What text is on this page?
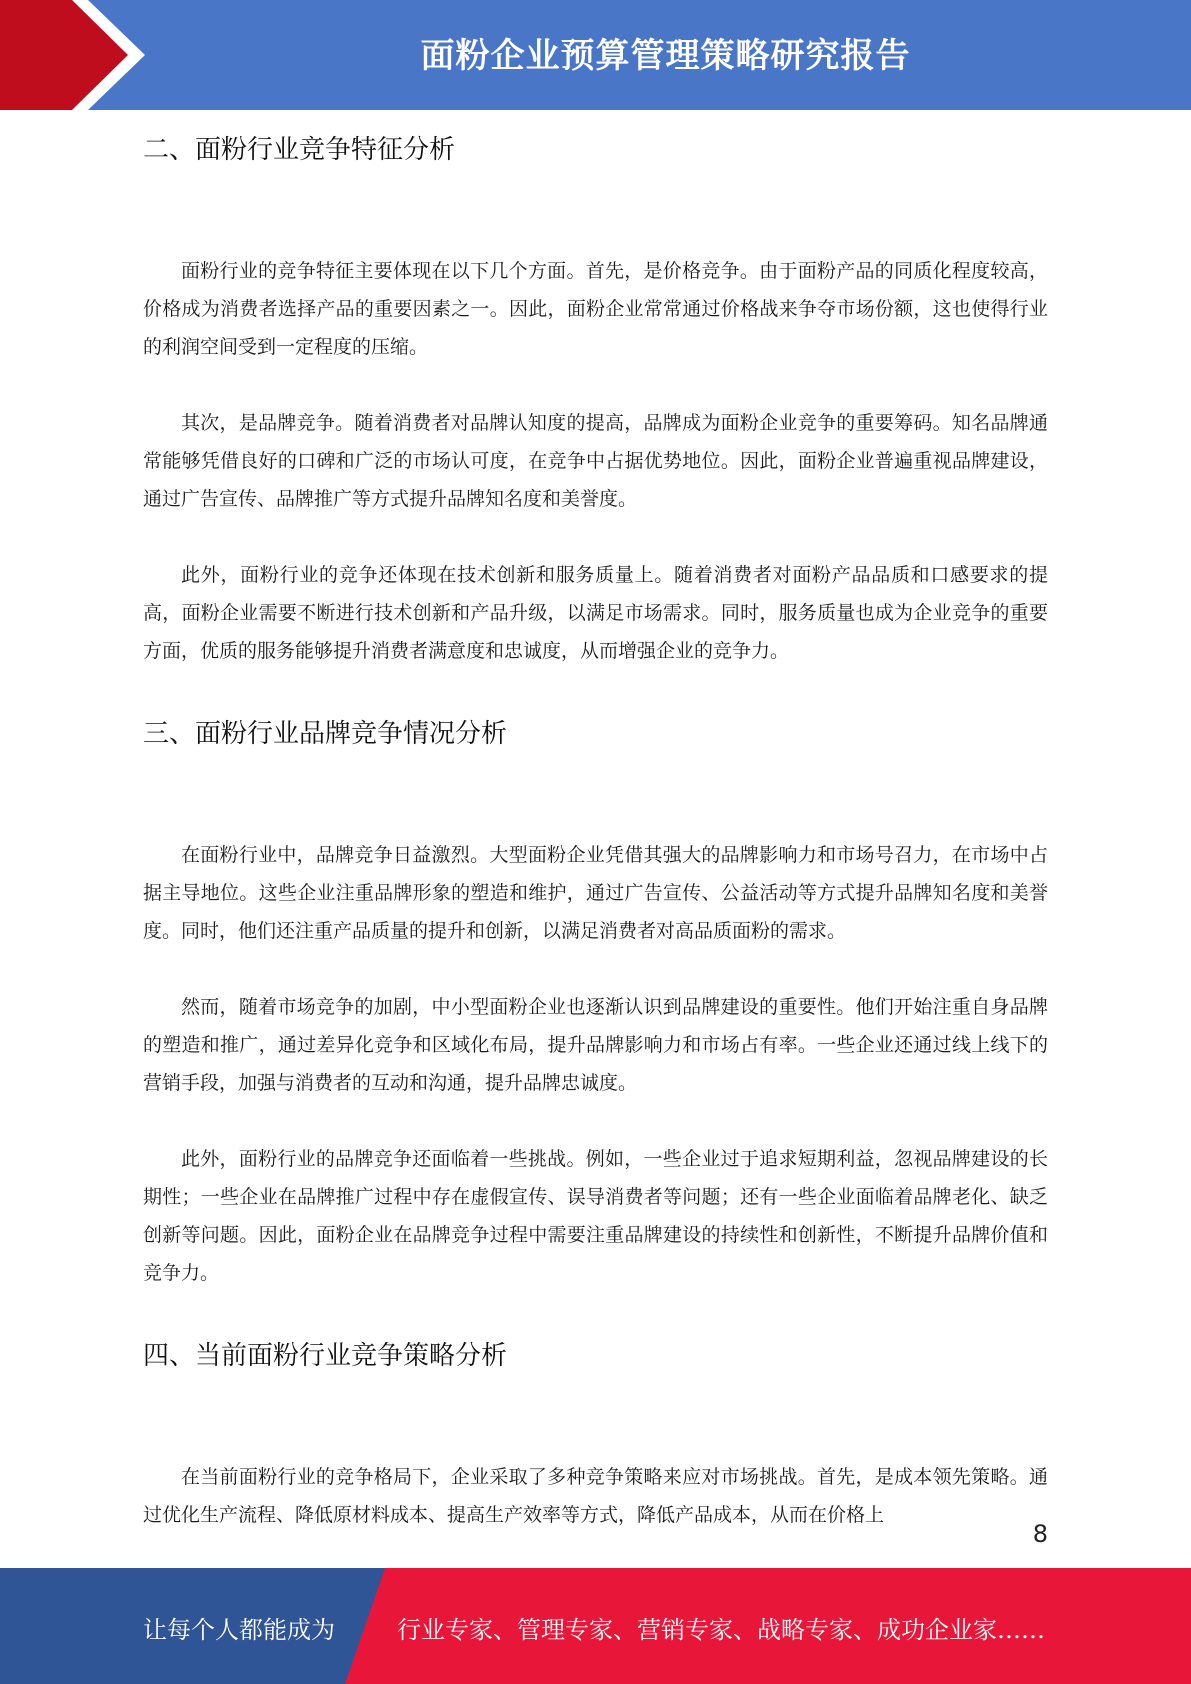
面粉企业预算管理策略研究报告
二、面粉行业竞争特征分析

面粉行业的竞争特征主要体现在以下几个方面。首先，是价格竞争。由于面粉产品的同质化程度较高，价格成为消费者选择产品的重要因素之一。因此，面粉企业常常通过价格战来争夺市场份额，这也使得行业的利润空间受到一定程度的压缩。

其次，是品牌竞争。随着消费者对品牌认知度的提高，品牌成为面粉企业竞争的重要筹码。知名品牌通常能够凭借良好的口碑和广泛的市场认可度，在竞争中占据优势地位。因此，面粉企业普遍重视品牌建设，通过广告宣传、品牌推广等方式提升品牌知名度和美誉度。

此外，面粉行业的竞争还体现在技术创新和服务质量上。随着消费者对面粉产品品质和口感要求的提高，面粉企业需要不断进行技术创新和产品升级，以满足市场需求。同时，服务质量也成为企业竞争的重要方面，优质的服务能够提升消费者满意度和忠诚度，从而增强企业的竞争力。

三、面粉行业品牌竞争情况分析

在面粉行业中，品牌竞争日益激烈。大型面粉企业凭借其强大的品牌影响力和市场号召力，在市场中占据主导地位。这些企业注重品牌形象的塑造和维护，通过广告宣传、公益活动等方式提升品牌知名度和美誉度。同时，他们还注重产品质量的提升和创新，以满足消费者对高品质面粉的需求。

然而，随着市场竞争的加剧，中小型面粉企业也逐渐认识到品牌建设的重要性。他们开始注重自身品牌的塑造和推广，通过差异化竞争和区域化布局，提升品牌影响力和市场占有率。一些企业还通过线上线下的营销手段，加强与消费者的互动和沟通，提升品牌忠诚度。

此外，面粉行业的品牌竞争还面临着一些挑战。例如，一些企业过于追求短期利益，忽视品牌建设的长期性；一些企业在品牌推广过程中存在虚假宣传、误导消费者等问题；还有一些企业面临着品牌老化、缺乏创新等问题。因此，面粉企业在品牌竞争过程中需要注重品牌建设的持续性和创新性，不断提升品牌价值和竞争力。

四、当前面粉行业竞争策略分析

在当前面粉行业的竞争格局下，企业采取了多种竞争策略来应对市场挑战。首先，是成本领先策略。通过优化生产流程、降低原材料成本、提高生产效率等方式，降低产品成本，从而在价格上

8
让每个人都能成为	行业专家、管理专家、营销专家、战略专家、成功企业家……
